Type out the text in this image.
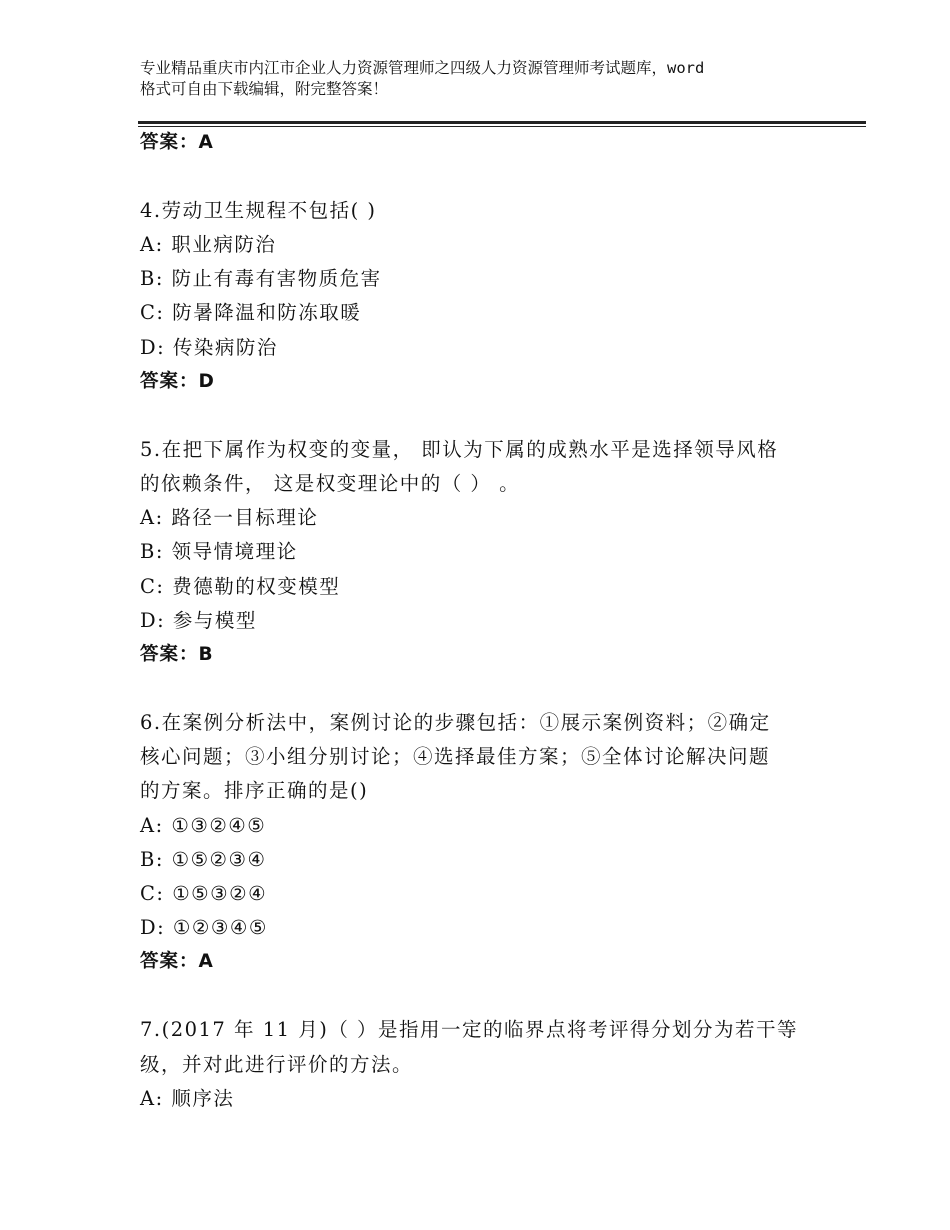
专业精品重庆市内江市企业人力资源管理师之四级人力资源管理师考试题库，word
格式可自由下载编辑，附完整答案！
答案：A
4.劳动卫生规程不包括( )
A: 职业病防治
B: 防止有毒有害物质危害
C: 防暑降温和防冻取暖
D: 传染病防治
答案：D
5.在把下属作为权变的变量， 即认为下属的成熟水平是选择领导风格
的依赖条件， 这是权变理论中的（ ） 。
A: 路径一目标理论
B: 领导情境理论
C: 费德勒的权变模型
D: 参与模型
答案：B
6.在案例分析法中，案例讨论的步骤包括：①展示案例资料；②确定
核心问题；③小组分别讨论；④选择最佳方案；⑤全体讨论解决问题
的方案。排序正确的是()
A: ①③②④⑤
B: ①⑤②③④
C: ①⑤③②④
D: ①②③④⑤
答案：A
7.(2017 年 11 月)（ ）是指用一定的临界点将考评得分划分为若干等
级，并对此进行评价的方法。
A: 顺序法
